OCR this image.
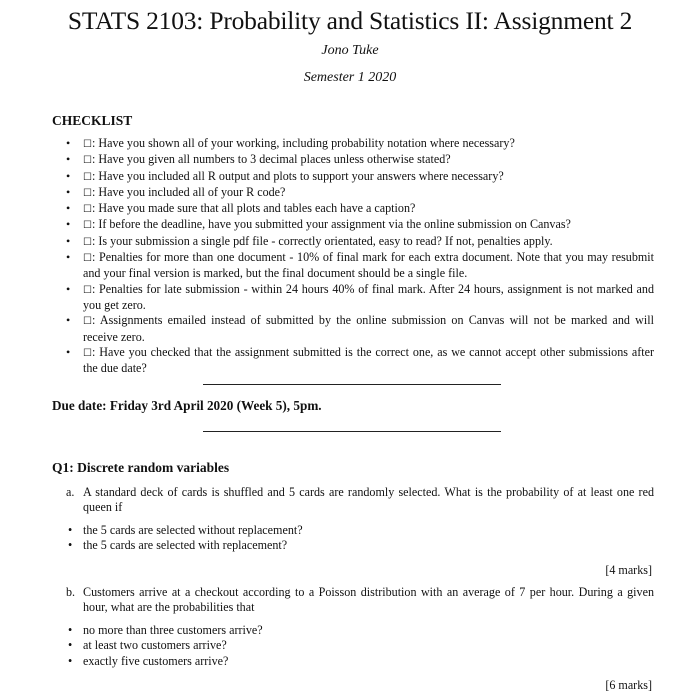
STATS 2103: Probability and Statistics II: Assignment 2
Jono Tuke
Semester 1 2020
CHECKLIST
• ☐: Have you shown all of your working, including probability notation where necessary?
• ☐: Have you given all numbers to 3 decimal places unless otherwise stated?
• ☐: Have you included all R output and plots to support your answers where necessary?
• ☐: Have you included all of your R code?
• ☐: Have you made sure that all plots and tables each have a caption?
• ☐: If before the deadline, have you submitted your assignment via the online submission on Canvas?
• ☐: Is your submission a single pdf file - correctly orientated, easy to read? If not, penalties apply.
• ☐: Penalties for more than one document - 10% of final mark for each extra document. Note that you may resubmit and your final version is marked, but the final document should be a single file.
• ☐: Penalties for late submission - within 24 hours 40% of final mark. After 24 hours, assignment is not marked and you get zero.
• ☐: Assignments emailed instead of submitted by the online submission on Canvas will not be marked and will receive zero.
• ☐: Have you checked that the assignment submitted is the correct one, as we cannot accept other submissions after the due date?
Due date: Friday 3rd April 2020 (Week 5), 5pm.
Q1: Discrete random variables
a. A standard deck of cards is shuffled and 5 cards are randomly selected. What is the probability of at least one red queen if
• the 5 cards are selected without replacement?
• the 5 cards are selected with replacement?
[4 marks]
b. Customers arrive at a checkout according to a Poisson distribution with an average of 7 per hour. During a given hour, what are the probabilities that
• no more than three customers arrive?
• at least two customers arrive?
• exactly five customers arrive?
[6 marks]
